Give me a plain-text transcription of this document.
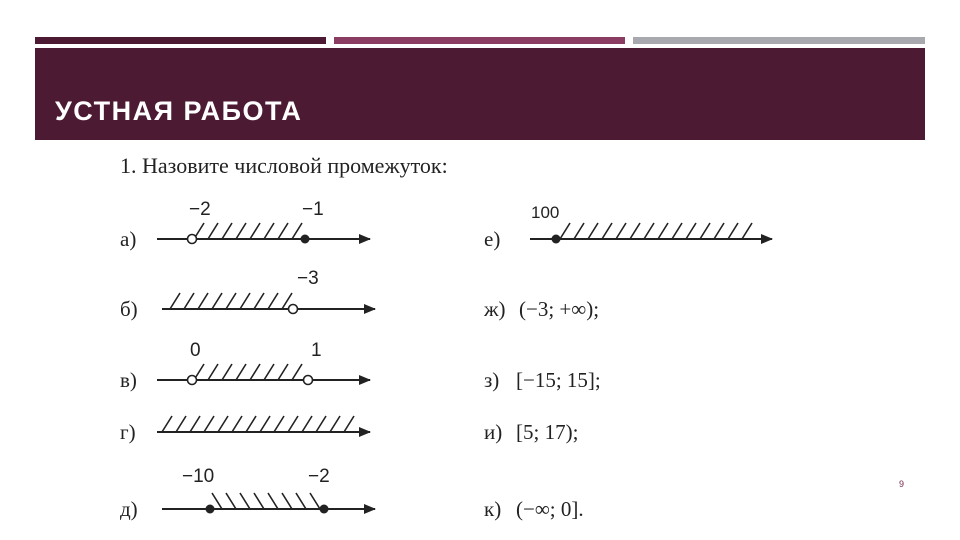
УСТНАЯ РАБОТА
1. Назовите числовой промежуток:
а)
−2	−1
б)
−3
в)
0	1
г)
д)
−10	−2
е)
100
ж) (−3; +∞);
з) [−15; 15];
и) [5; 17);
к) (−∞; 0].
9
